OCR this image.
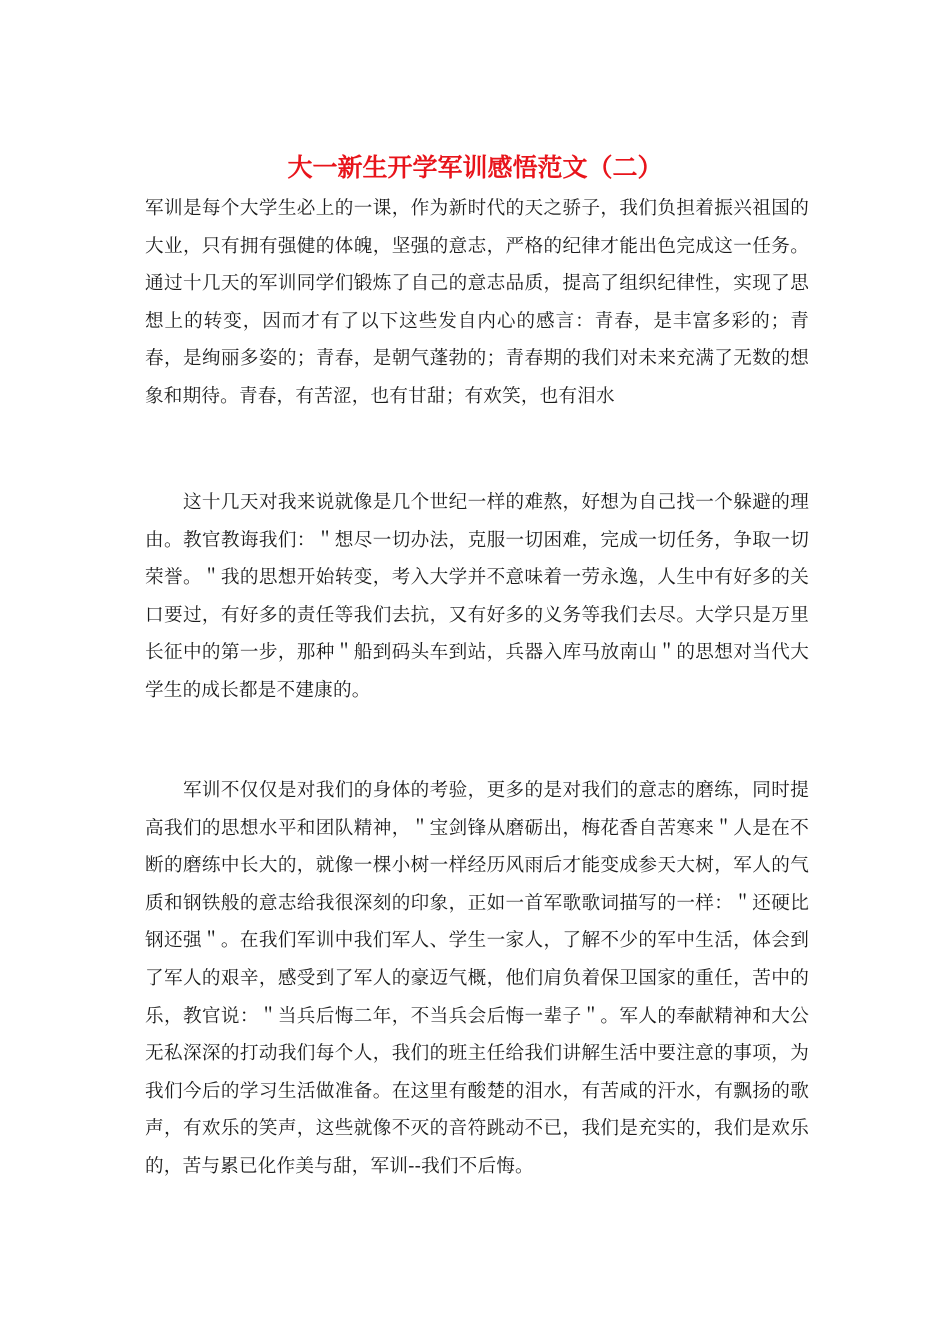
大一新生开学军训感悟范文（二）

军训是每个大学生必上的一课，作为新时代的天之骄子，我们负担着振兴祖国的大业，只有拥有强健的体魄，坚强的意志，严格的纪律才能出色完成这一任务。通过十几天的军训同学们锻炼了自己的意志品质，提高了组织纪律性，实现了思想上的转变，因而才有了以下这些发自内心的感言：青春，是丰富多彩的；青春，是绚丽多姿的；青春，是朝气蓬勃的；青春期的我们对未来充满了无数的想象和期待。青春，有苦涩，也有甘甜；有欢笑，也有泪水

　　这十几天对我来说就像是几个世纪一样的难熬，好想为自己找一个躲避的理由。教官教诲我们：＂想尽一切办法，克服一切困难，完成一切任务，争取一切荣誉。＂我的思想开始转变，考入大学并不意味着一劳永逸，人生中有好多的关口要过，有好多的责任等我们去抗，又有好多的义务等我们去尽。大学只是万里长征中的第一步，那种＂船到码头车到站，兵器入库马放南山＂的思想对当代大学生的成长都是不建康的。

　　军训不仅仅是对我们的身体的考验，更多的是对我们的意志的磨练，同时提高我们的思想水平和团队精神，＂宝剑锋从磨砺出，梅花香自苦寒来＂人是在不断的磨练中长大的，就像一棵小树一样经历风雨后才能变成参天大树，军人的气质和钢铁般的意志给我很深刻的印象，正如一首军歌歌词描写的一样：＂还硬比钢还强＂。在我们军训中我们军人、学生一家人，了解不少的军中生活，体会到了军人的艰辛，感受到了军人的豪迈气概，他们肩负着保卫国家的重任，苦中的乐，教官说：＂当兵后悔二年，不当兵会后悔一辈子＂。军人的奉献精神和大公无私深深的打动我们每个人，我们的班主任给我们讲解生活中要注意的事项，为我们今后的学习生活做准备。在这里有酸楚的泪水，有苦咸的汗水，有飘扬的歌声，有欢乐的笑声，这些就像不灭的音符跳动不已，我们是充实的，我们是欢乐的，苦与累已化作美与甜，军训--我们不后悔。
